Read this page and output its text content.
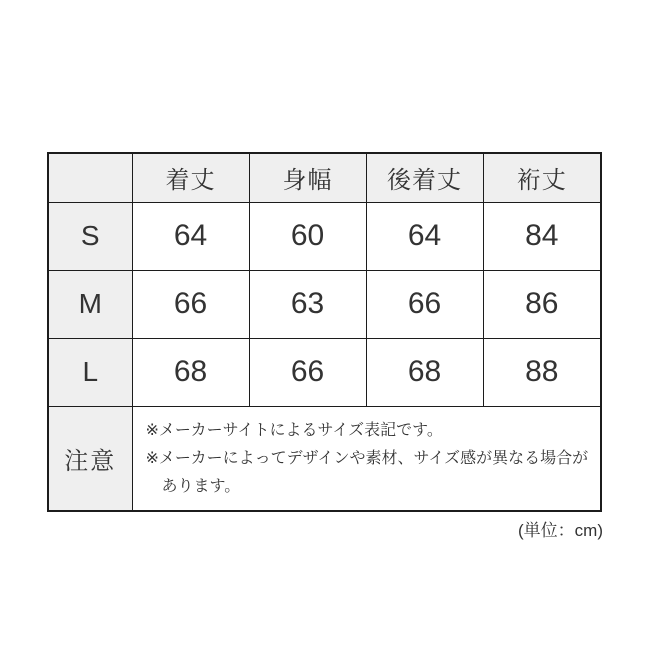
	着丈	身幅	後着丈	裄丈
S	64	60	64	84
M	66	63	66	86
L	68	66	68	88
注意	※メーカーサイトによるサイズ表記です。
※メーカーによってデザインや素材、サイズ感が異なる場合が
あります。			
(単位：cm)
